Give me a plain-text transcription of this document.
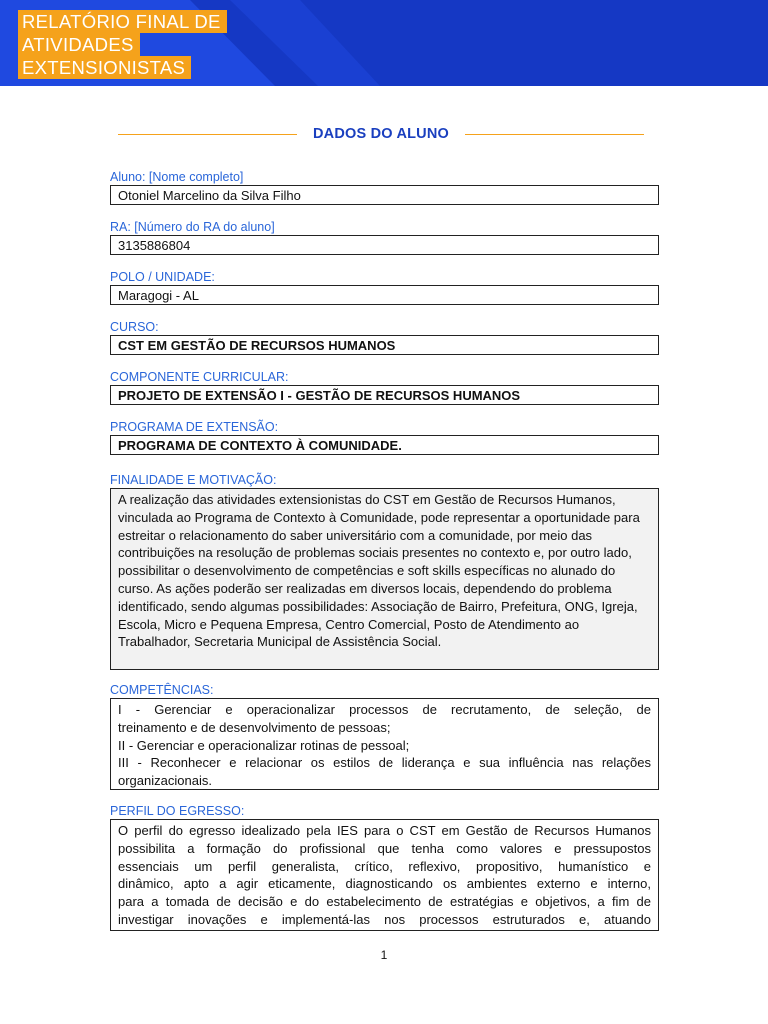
RELATÓRIO FINAL DE
ATIVIDADES
EXTENSIONISTAS
DADOS DO ALUNO
Aluno: [Nome completo]
Otoniel Marcelino da Silva Filho
RA: [Número do RA do aluno]
3135886804
POLO / UNIDADE:
Maragogi - AL
CURSO:
CST EM GESTÃO DE RECURSOS HUMANOS
COMPONENTE CURRICULAR:
PROJETO DE EXTENSÃO I - GESTÃO DE RECURSOS HUMANOS
PROGRAMA DE EXTENSÃO:
PROGRAMA DE CONTEXTO À COMUNIDADE.
FINALIDADE E MOTIVAÇÃO:
A realização das atividades extensionistas do CST em Gestão de Recursos Humanos, vinculada ao Programa de Contexto à Comunidade, pode representar a oportunidade para estreitar o relacionamento do saber universitário com a comunidade, por meio das contribuições na resolução de problemas sociais presentes no contexto e, por outro lado, possibilitar o desenvolvimento de competências e soft skills específicas no alunado do curso. As ações poderão ser realizadas em diversos locais, dependendo do problema identificado, sendo algumas possibilidades: Associação de Bairro, Prefeitura, ONG, Igreja, Escola, Micro e Pequena Empresa, Centro Comercial, Posto de Atendimento ao Trabalhador, Secretaria Municipal de Assistência Social.
COMPETÊNCIAS:
I - Gerenciar e operacionalizar processos de recrutamento, de seleção, de
treinamento e de desenvolvimento de pessoas;
II - Gerenciar e operacionalizar rotinas de pessoal;
III - Reconhecer e relacionar os estilos de liderança e sua influência nas relações
organizacionais.
PERFIL DO EGRESSO:
O perfil do egresso idealizado pela IES para o CST em Gestão de Recursos Humanos
possibilita a formação do profissional que tenha como valores e pressupostos
essenciais um perfil generalista, crítico, reflexivo, propositivo, humanístico e
dinâmico, apto a agir eticamente, diagnosticando os ambientes externo e interno,
para a tomada de decisão e do estabelecimento de estratégias e objetivos, a fim de
investigar inovações e implementá-las nos processos estruturados e, atuando
1
